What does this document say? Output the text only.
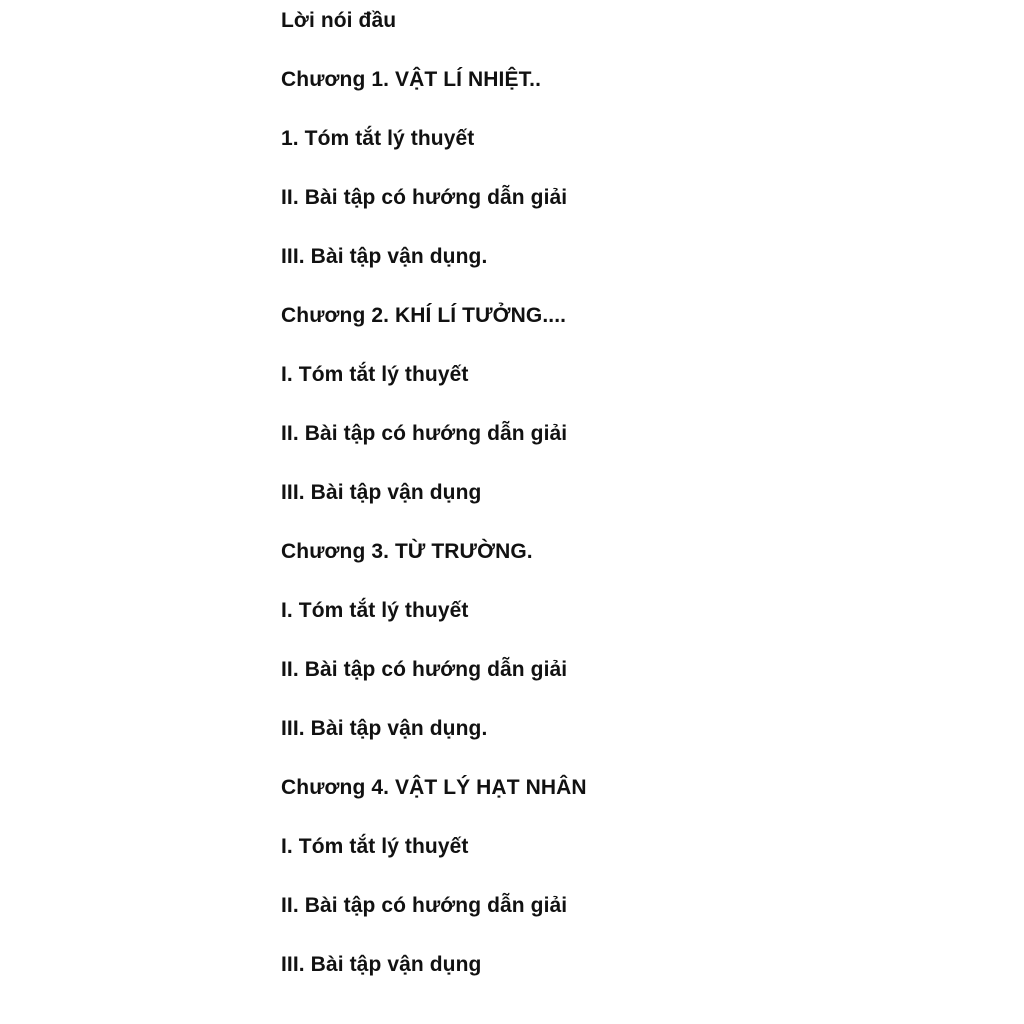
Lời nói đầu
Chương 1. VẬT LÍ NHIỆT..
1. Tóm tắt lý thuyết
II. Bài tập có hướng dẫn giải
III. Bài tập vận dụng.
Chương 2. KHÍ LÍ TƯỞNG....
I. Tóm tắt lý thuyết
II. Bài tập có hướng dẫn giải
III. Bài tập vận dụng
Chương 3. TỪ TRƯỜNG.
I. Tóm tắt lý thuyết
II. Bài tập có hướng dẫn giải
III. Bài tập vận dụng.
Chương 4. VẬT LÝ HẠT NHÂN
I. Tóm tắt lý thuyết
II. Bài tập có hướng dẫn giải
III. Bài tập vận dụng
